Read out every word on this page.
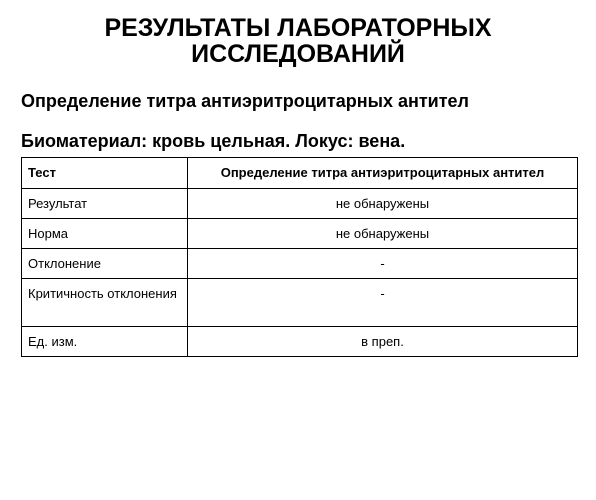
РЕЗУЛЬТАТЫ ЛАБОРАТОРНЫХ ИССЛЕДОВАНИЙ

Определение титра антиэритроцитарных антител

Биоматериал: кровь цельная. Локус: вена.

Тест	Определение титра антиэритроцитарных антител
Результат	не обнаружены
Норма	не обнаружены
Отклонение	-
Критичность отклонения	-
Ед. изм.	в преп.
